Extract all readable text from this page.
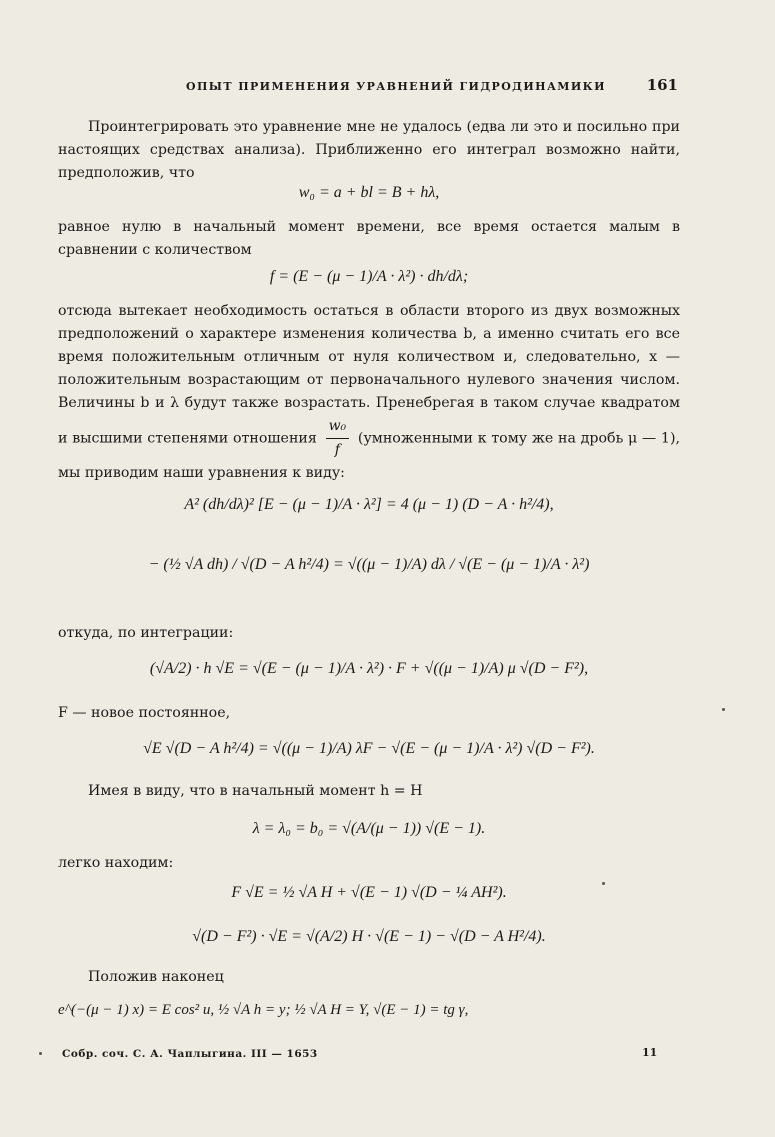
ОПЫТ ПРИМЕНЕНИЯ УРАВНЕНИЙ ГИДРОДИНАМИКИ	161
Проинтегрировать это уравнение мне не удалось (едва ли это и посильно при настоящих средствах анализа). Приближенно его интеграл возможно найти, предположив, что
w₀ = a + bl = B + hλ,
равное нулю в начальный момент времени, все время остается малым в сравнении с количеством
f = (E − (μ − 1)/A · λ²) · dh/dλ;
отсюда вытекает необходимость остаться в области второго из двух возможных предположений о характере изменения количества b, а именно считать его все время положительным отличным от нуля количеством и, следовательно, x — положительным возрастающим от первоначального нулевого значения числом. Величины b и λ будут также возрастать. Пренебрегая в таком случае квадратом и высшими степенями отношения $\frac{\text{w₀}}{f}$ (умноженными к тому же на дробь μ — 1), мы приводим наши уравнения к виду:
A² (dh/dλ)² [E − (μ − 1)/A · λ²] = 4 (μ − 1) (D − A · h²/4),
− (½ √A dh) / √(D − A h²/4) = √((μ − 1)/A) dλ / √(E − (μ − 1)/A · λ²)
откуда, по интеграции:
(√A/2) · h √E = √(E − (μ − 1)/A · λ²) · F + √((μ − 1)/A) μ √(D − F²),
F — новое постоянное,
√E √(D − A h²/4) = √((μ − 1)/A) λF − √(E − (μ − 1)/A · λ²) √(D − F²).
Имея в виду, что в начальный момент h = H
λ = λ₀ = b₀ = √(A/(μ − 1)) √(E − 1).
легко находим:
F √E = ½ √A H + √(E − 1) √(D − ¼ AH²).
√(D − F²) · √E = √(A/2) H · √(E − 1) − √(D − A H²/4).
Положив наконец
e^(−(μ − 1) x) = E cos² u, ½ √A h = y; ½ √A H = Y, √(E − 1) = tg γ,
Собр. соч. С. А. Чаплыгина. III — 1653	11
